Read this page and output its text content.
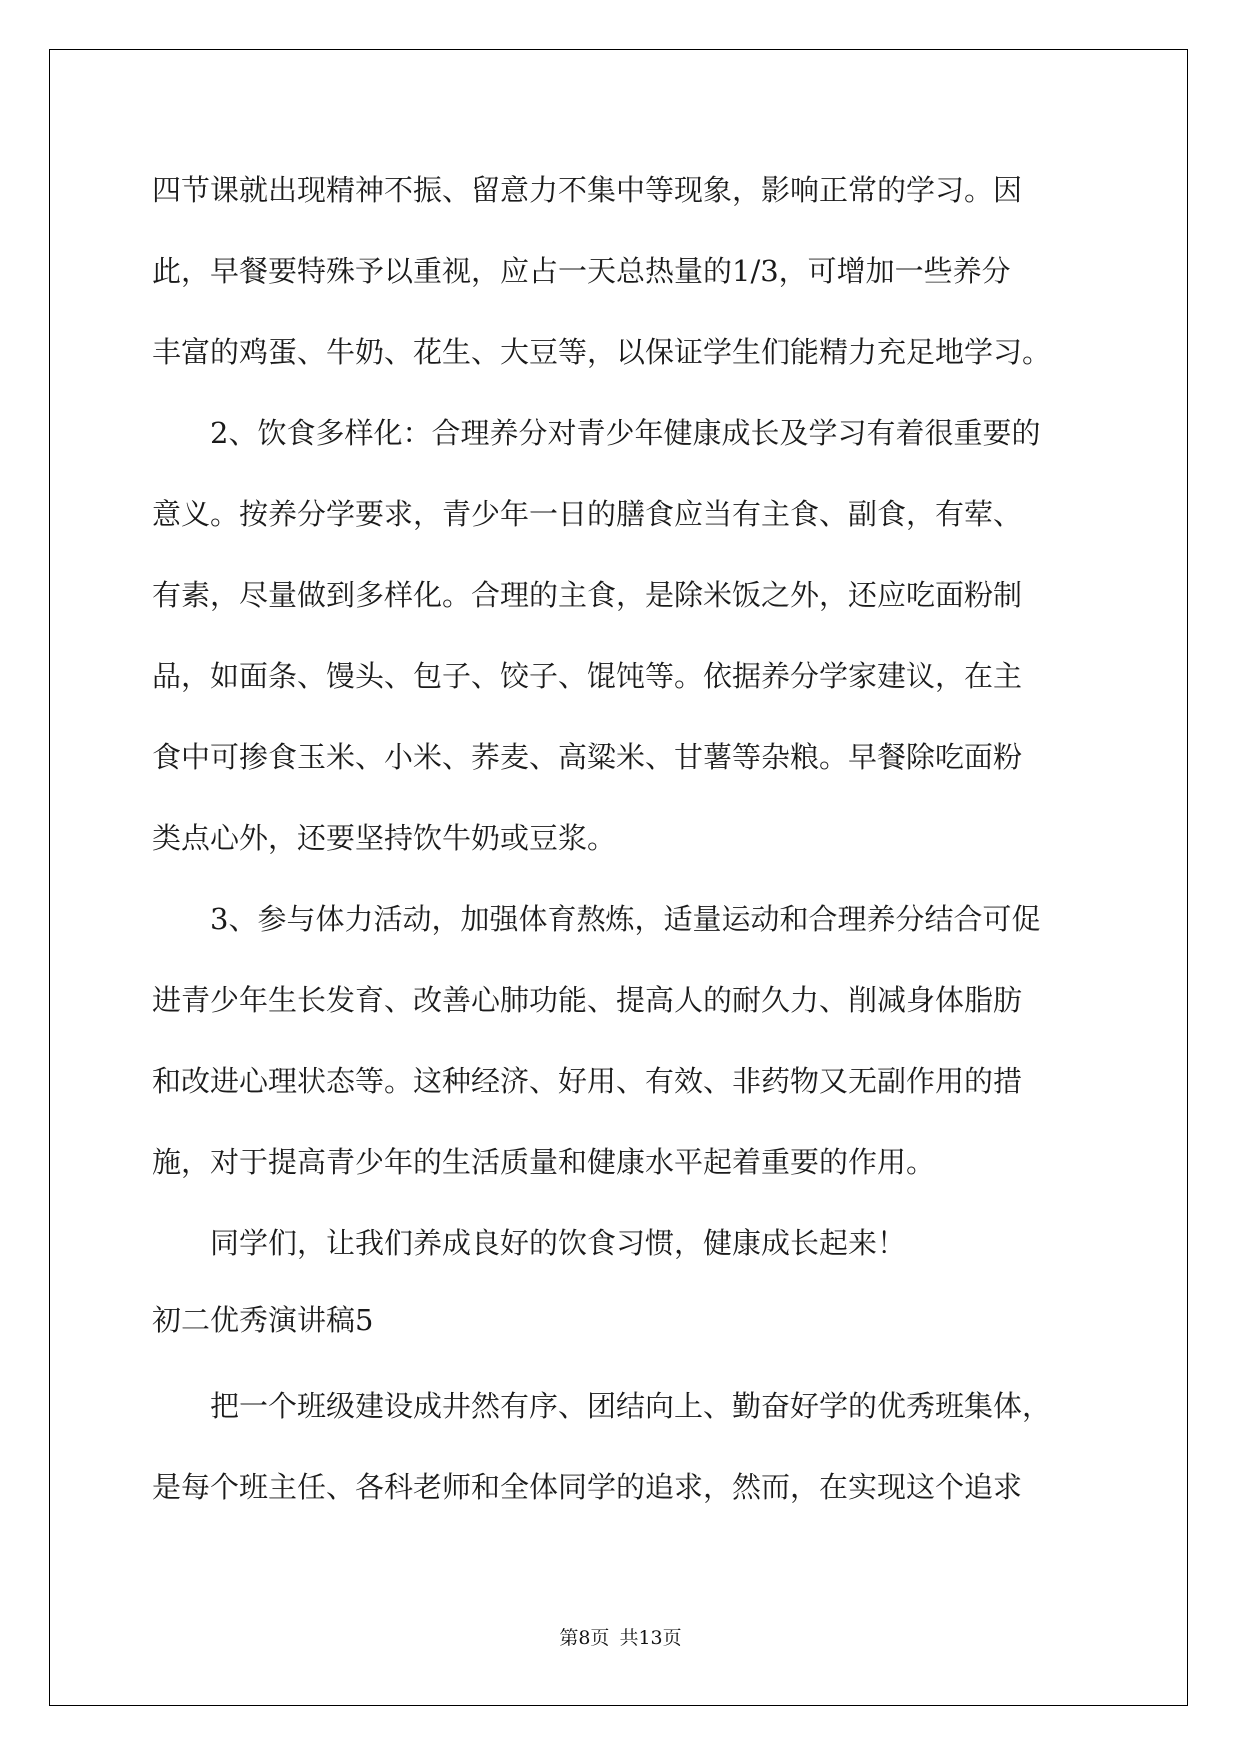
四节课就出现精神不振、留意力不集中等现象，影响正常的学习。因
此，早餐要特殊予以重视，应占一天总热量的1/3，可增加一些养分
丰富的鸡蛋、牛奶、花生、大豆等，以保证学生们能精力充足地学习。
2、饮食多样化：合理养分对青少年健康成长及学习有着很重要的
意义。按养分学要求，青少年一日的膳食应当有主食、副食，有荤、
有素，尽量做到多样化。合理的主食，是除米饭之外，还应吃面粉制
品，如面条、馒头、包子、饺子、馄饨等。依据养分学家建议，在主
食中可掺食玉米、小米、荞麦、高粱米、甘薯等杂粮。早餐除吃面粉
类点心外，还要坚持饮牛奶或豆浆。
3、参与体力活动，加强体育熬炼，适量运动和合理养分结合可促
进青少年生长发育、改善心肺功能、提高人的耐久力、削减身体脂肪
和改进心理状态等。这种经济、好用、有效、非药物又无副作用的措
施，对于提高青少年的生活质量和健康水平起着重要的作用。
同学们，让我们养成良好的饮食习惯，健康成长起来！
初二优秀演讲稿5
把一个班级建设成井然有序、团结向上、勤奋好学的优秀班集体，
是每个班主任、各科老师和全体同学的追求，然而，在实现这个追求
第8页 共13页
